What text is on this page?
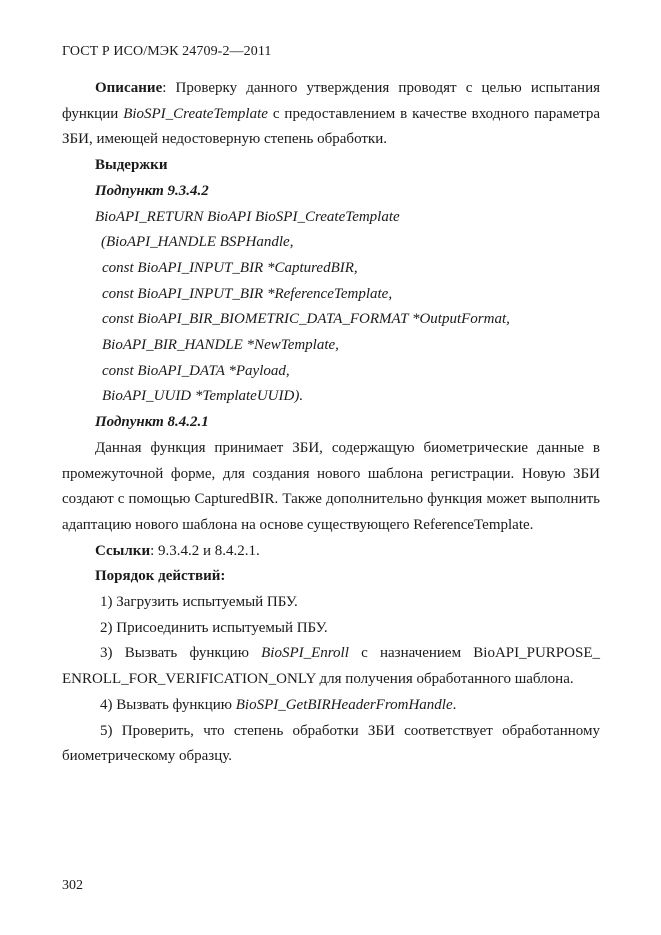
ГОСТ Р ИСО/МЭК 24709-2—2011

Описание: Проверку данного утверждения проводят с целью испытания функции BioSPI_CreateTemplate с предоставлением в качестве входного параметра ЗБИ, имеющей недостоверную степень обработки.

Выдержки

Подпункт 9.3.4.2

BioAPI_RETURN BioAPI BioSPI_CreateTemplate

(BioAPI_HANDLE BSPHandle,

const BioAPI_INPUT_BIR *CapturedBIR,

const BioAPI_INPUT_BIR *ReferenceTemplate,

const BioAPI_BIR_BIOMETRIC_DATA_FORMAT *OutputFormat,

BioAPI_BIR_HANDLE *NewTemplate,

const BioAPI_DATA *Payload,

BioAPI_UUID *TemplateUUID).

Подпункт 8.4.2.1

Данная функция принимает ЗБИ, содержащую биометрические данные в промежуточной форме, для создания нового шаблона регистрации. Новую ЗБИ создают с помощью CapturedBIR. Также дополнительно функция может выполнить адаптацию нового шаблона на основе существующего ReferenceTemplate.

Ссылки: 9.3.4.2 и 8.4.2.1.

Порядок действий:

1) Загрузить испытуемый ПБУ.

2) Присоединить испытуемый ПБУ.

3) Вызвать функцию BioSPI_Enroll с назначением BioAPI_PURPOSE_ ENROLL_FOR_VERIFICATION_ONLY для получения обработанного шаблона.

4) Вызвать функцию BioSPI_GetBIRHeaderFromHandle.

5) Проверить, что степень обработки ЗБИ соответствует обработанному биометрическому образцу.

302
